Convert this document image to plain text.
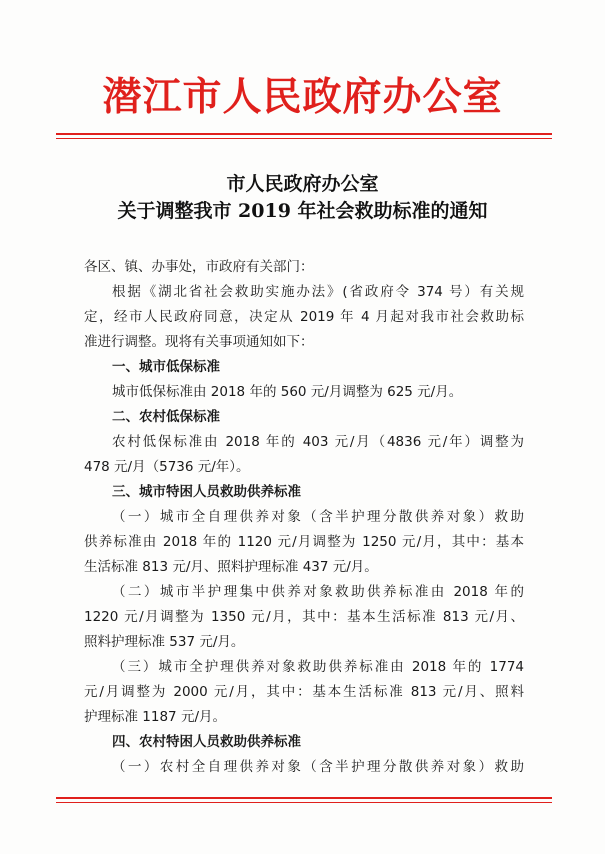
潜江市人民政府办公室
市人民政府办公室
关于调整我市 2019 年社会救助标准的通知
各区、镇、办事处，市政府有关部门：
根据《湖北省社会救助实施办法》(省政府令 374 号）有关规
定，经市人民政府同意，决定从 2019 年 4 月起对我市社会救助标
准进行调整。现将有关事项通知如下：
一、城市低保标准
城市低保标准由 2018 年的 560 元/月调整为 625 元/月。
二、农村低保标准
农村低保标准由 2018 年的 403 元/月（4836 元/年）调整为
478 元/月（5736 元/年）。
三、城市特困人员救助供养标准
（一）城市全自理供养对象（含半护理分散供养对象）救助
供养标准由 2018 年的 1120 元/月调整为 1250 元/月，其中：基本
生活标准 813 元/月、照料护理标准 437 元/月。
（二）城市半护理集中供养对象救助供养标准由 2018 年的
1220 元/月调整为 1350 元/月，其中：基本生活标准 813 元/月、
照料护理标准 537 元/月。
（三）城市全护理供养对象救助供养标准由 2018 年的 1774
元/月调整为 2000 元/月，其中：基本生活标准 813 元/月、照料
护理标准 1187 元/月。
四、农村特困人员救助供养标准
（一）农村全自理供养对象（含半护理分散供养对象）救助
